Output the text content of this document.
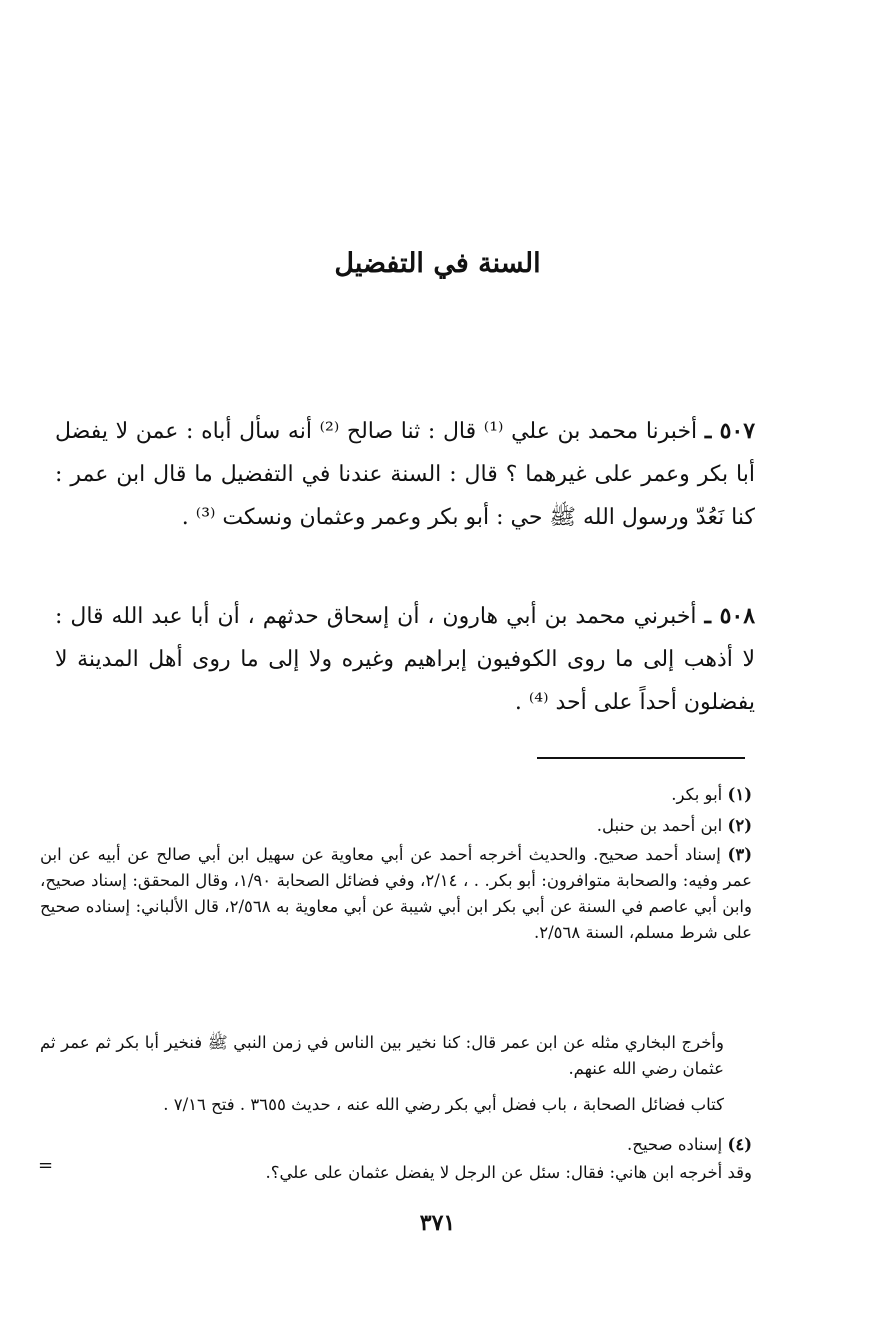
السنة في التفضيل

٥٠٧ ـ أخبرنا محمد بن علي ⁽¹⁾ قال : ثنا صالح ⁽²⁾ أنه سأل أباه : عمن لا يفضل أبا بكر وعمر على غيرهما ؟ قال : السنة عندنا في التفضيل ما قال ابن عمر : كنا نَعُدّ ورسول الله ﷺ حي : أبو بكر وعمر وعثمان ونسكت ⁽³⁾ .

٥٠٨ ـ أخبرني محمد بن أبي هارون ، أن إسحاق حدثهم ، أن أبا عبد الله قال : لا أذهب إلى ما روى الكوفيون إبراهيم وغيره ولا إلى ما روى أهل المدينة لا يفضلون أحداً على أحد ⁽⁴⁾ .

(١) أبو بكر.

(٢) ابن أحمد بن حنبل.

(٣) إسناد أحمد صحيح. والحديث أخرجه أحمد عن أبي معاوية عن سهيل ابن أبي صالح عن أبيه عن ابن عمر وفيه: والصحابة متوافرون: أبو بكر. . ، ٢/١٤، وفي فضائل الصحابة ١/٩٠، وقال المحقق: إسناد صحيح، وابن أبي عاصم في السنة عن أبي بكر ابن أبي شيبة عن أبي معاوية به ٢/٥٦٨، قال الألباني: إسناده صحيح على شرط مسلم، السنة ٢/٥٦٨.

وأخرج البخاري مثله عن ابن عمر قال: كنا نخير بين الناس في زمن النبي ﷺ فنخير أبا بكر ثم عمر ثم عثمان رضي الله عنهم.

كتاب فضائل الصحابة ، باب فضل أبي بكر رضي الله عنه ، حديث ٣٦٥٥ . فتح ٧/١٦ .

(٤) إسناده صحيح.

وقد أخرجه ابن هاني: فقال: سئل عن الرجل لا يفضل عثمان على علي؟.

=
٣٧١
